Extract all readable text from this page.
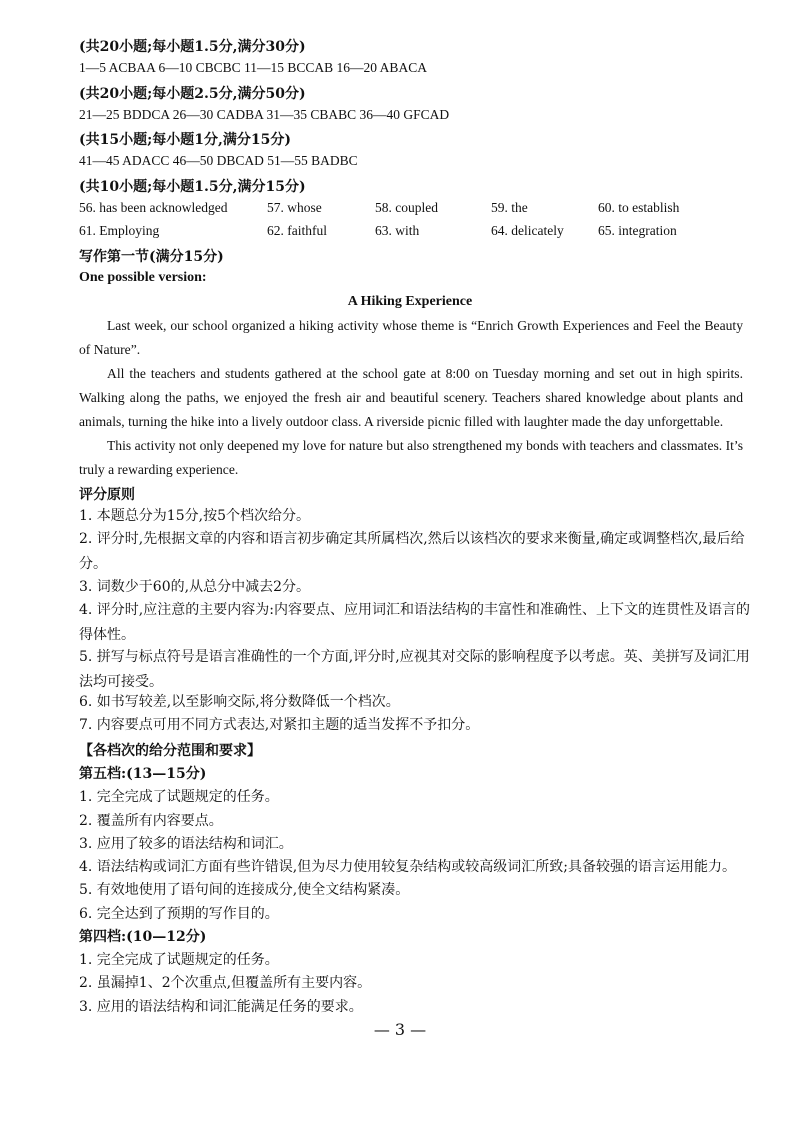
(共20小题;每小题1.5分,满分30分)
1—5 ACBAA 6—10 CBCBC 11—15 BCCAB 16—20 ABACA
(共20小题;每小题2.5分,满分50分)
21—25 BDDCA 26—30 CADBA 31—35 CBABC 36—40 GFCAD
(共15小题;每小题1分,满分15分)
41—45 ADACC 46—50 DBCAD 51—55 BADBC
(共10小题;每小题1.5分,满分15分)
56. has been acknowledged	57. whose	58. coupled	59. the	60. to establish
61. Employing	62. faithful	63. with	64. delicately	65. integration
写作第一节(满分15分)
One possible version:
A Hiking Experience
Last week, our school organized a hiking activity whose theme is “Enrich Growth Experiences and Feel the Beauty of Nature”.
All the teachers and students gathered at the school gate at 8:00 on Tuesday morning and set out in high spirits. Walking along the paths, we enjoyed the fresh air and beautiful scenery. Teachers shared knowledge about plants and animals, turning the hike into a lively outdoor class. A riverside picnic filled with laughter made the day unforgettable.
This activity not only deepened my love for nature but also strengthened my bonds with teachers and classmates. It’s truly a rewarding experience.
评分原则
1. 本题总分为15分,按5个档次给分。
2. 评分时,先根据文章的内容和语言初步确定其所属档次,然后以该档次的要求来衡量,确定或调整档次,最后给分。
3. 词数少于60的,从总分中减去2分。
4. 评分时,应注意的主要内容为:内容要点、应用词汇和语法结构的丰富性和准确性、上下文的连贯性及语言的得体性。
5. 拼写与标点符号是语言准确性的一个方面,评分时,应视其对交际的影响程度予以考虑。英、美拼写及词汇用法均可接受。
6. 如书写较差,以至影响交际,将分数降低一个档次。
7. 内容要点可用不同方式表达,对紧扣主题的适当发挥不予扣分。
【各档次的给分范围和要求】
第五档:(13—15分)
1. 完全完成了试题规定的任务。
2. 覆盖所有内容要点。
3. 应用了较多的语法结构和词汇。
4. 语法结构或词汇方面有些许错误,但为尽力使用较复杂结构或较高级词汇所致;具备较强的语言运用能力。
5. 有效地使用了语句间的连接成分,使全文结构紧凑。
6. 完全达到了预期的写作目的。
第四档:(10—12分)
1. 完全完成了试题规定的任务。
2. 虽漏掉1、2个次重点,但覆盖所有主要内容。
3. 应用的语法结构和词汇能满足任务的要求。
— 3 —
